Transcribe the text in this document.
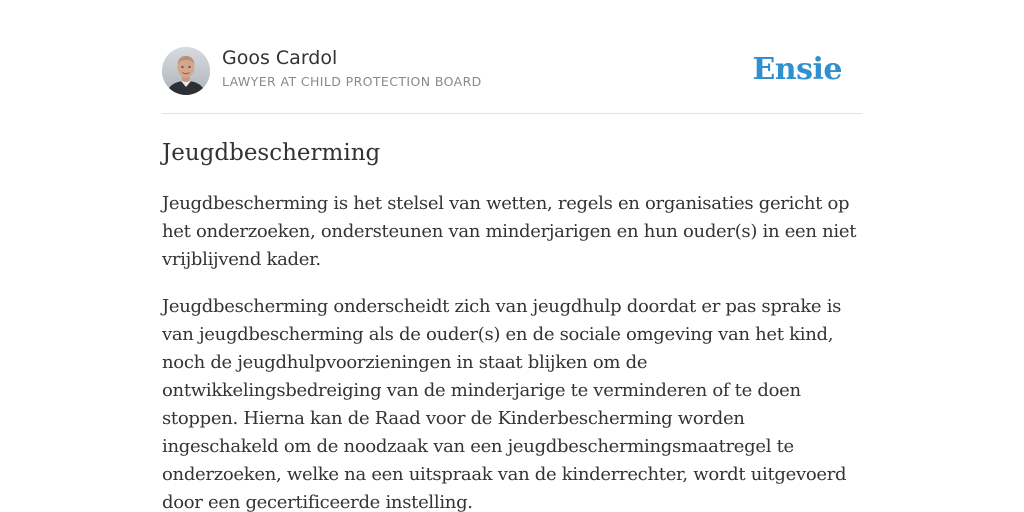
Goos Cardol
LAWYER AT CHILD PROTECTION BOARD	Ensie
Jeugdbescherming

Jeugdbescherming is het stelsel van wetten, regels en organisaties gericht op het onderzoeken, ondersteunen van minderjarigen en hun ouder(s) in een niet vrijblijvend kader.

Jeugdbescherming onderscheidt zich van jeugdhulp doordat er pas sprake is van jeugdbescherming als de ouder(s) en de sociale omgeving van het kind, noch de jeugdhulpvoorzieningen in staat blijken om de ontwikkelingsbedreiging van de minderjarige te verminderen of te doen stoppen. Hierna kan de Raad voor de Kinderbescherming worden ingeschakeld om de noodzaak van een jeugdbeschermingsmaatregel te onderzoeken, welke na een uitspraak van de kinderrechter, wordt uitgevoerd door een gecertificeerde instelling.
